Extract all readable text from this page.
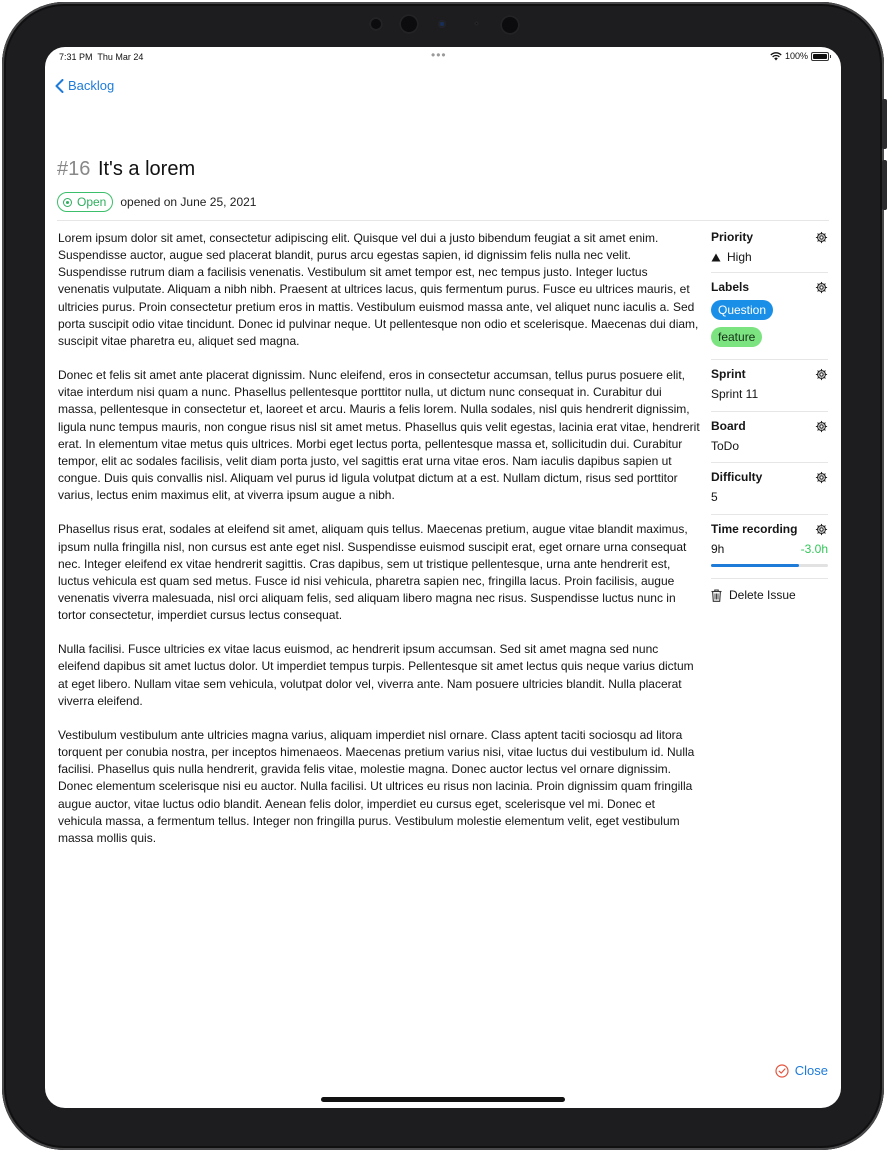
7:31 PM  Thu Mar 24	•••	100%
Backlog
#16 It's a lorem
Open opened on June 25, 2021

Lorem ipsum dolor sit amet, consectetur adipiscing elit. Quisque vel dui a justo bibendum feugiat a sit amet enim. Suspendisse auctor, augue sed placerat blandit, purus arcu egestas sapien, id dignissim felis nulla nec velit. Suspendisse rutrum diam a facilisis venenatis. Vestibulum sit amet tempor est, nec tempus justo. Integer luctus venenatis vulputate. Aliquam a nibh nibh. Praesent at ultrices lacus, quis fermentum purus. Fusce eu ultrices mauris, et ultricies purus. Proin consectetur pretium eros in mattis. Vestibulum euismod massa ante, vel aliquet nunc iaculis a. Sed porta suscipit odio vitae tincidunt. Donec id pulvinar neque. Ut pellentesque non odio et scelerisque. Maecenas dui diam, suscipit vitae pharetra eu, aliquet sed magna.

Donec et felis sit amet ante placerat dignissim. Nunc eleifend, eros in consectetur accumsan, tellus purus posuere elit, vitae interdum nisi quam a nunc. Phasellus pellentesque porttitor nulla, ut dictum nunc consequat in. Curabitur dui massa, pellentesque in consectetur et, laoreet et arcu. Mauris a felis lorem. Nulla sodales, nisl quis hendrerit dignissim, ligula nunc tempus mauris, non congue risus nisl sit amet metus. Phasellus quis velit egestas, lacinia erat vitae, hendrerit erat. In elementum vitae metus quis ultrices. Morbi eget lectus porta, pellentesque massa et, sollicitudin dui. Curabitur tempor, elit ac sodales facilisis, velit diam porta justo, vel sagittis erat urna vitae eros. Nam iaculis dapibus sapien ut congue. Duis quis convallis nisl. Aliquam vel purus id ligula volutpat dictum at a est. Nullam dictum, risus sed porttitor varius, lectus enim maximus elit, at viverra ipsum augue a nibh.

Phasellus risus erat, sodales at eleifend sit amet, aliquam quis tellus. Maecenas pretium, augue vitae blandit maximus, ipsum nulla fringilla nisl, non cursus est ante eget nisl. Suspendisse euismod suscipit erat, eget ornare urna consequat nec. Integer eleifend ex vitae hendrerit sagittis. Cras dapibus, sem ut tristique pellentesque, urna ante hendrerit est, luctus vehicula est quam sed metus. Fusce id nisi vehicula, pharetra sapien nec, fringilla lacus. Proin facilisis, augue venenatis viverra malesuada, nisl orci aliquam felis, sed aliquam libero magna nec risus. Suspendisse luctus nunc in tortor consectetur, imperdiet cursus lectus consequat.

Nulla facilisi. Fusce ultricies ex vitae lacus euismod, ac hendrerit ipsum accumsan. Sed sit amet magna sed nunc eleifend dapibus sit amet luctus dolor. Ut imperdiet tempus turpis. Pellentesque sit amet lectus quis neque varius dictum at eget libero. Nullam vitae sem vehicula, volutpat dolor vel, viverra ante. Nam posuere ultricies blandit. Nulla placerat viverra eleifend.

Vestibulum vestibulum ante ultricies magna varius, aliquam imperdiet nisl ornare. Class aptent taciti sociosqu ad litora torquent per conubia nostra, per inceptos himenaeos. Maecenas pretium varius nisi, vitae luctus dui vestibulum id. Nulla facilisi. Phasellus quis nulla hendrerit, gravida felis vitae, molestie magna. Donec auctor lectus vel ornare dignissim. Donec elementum scelerisque nisi eu auctor. Nulla facilisi. Ut ultrices eu risus non lacinia. Proin dignissim quam fringilla augue auctor, vitae luctus odio blandit. Aenean felis dolor, imperdiet eu cursus eget, scelerisque vel mi. Donec et vehicula massa, a fermentum tellus. Integer non fringilla purus. Vestibulum molestie elementum velit, eget vestibulum massa mollis quis.

Priority
High
Labels
Question
feature
Sprint
Sprint 11
Board
ToDo
Difficulty
5
Time recording
9h	-3.0h
Delete Issue
Close
